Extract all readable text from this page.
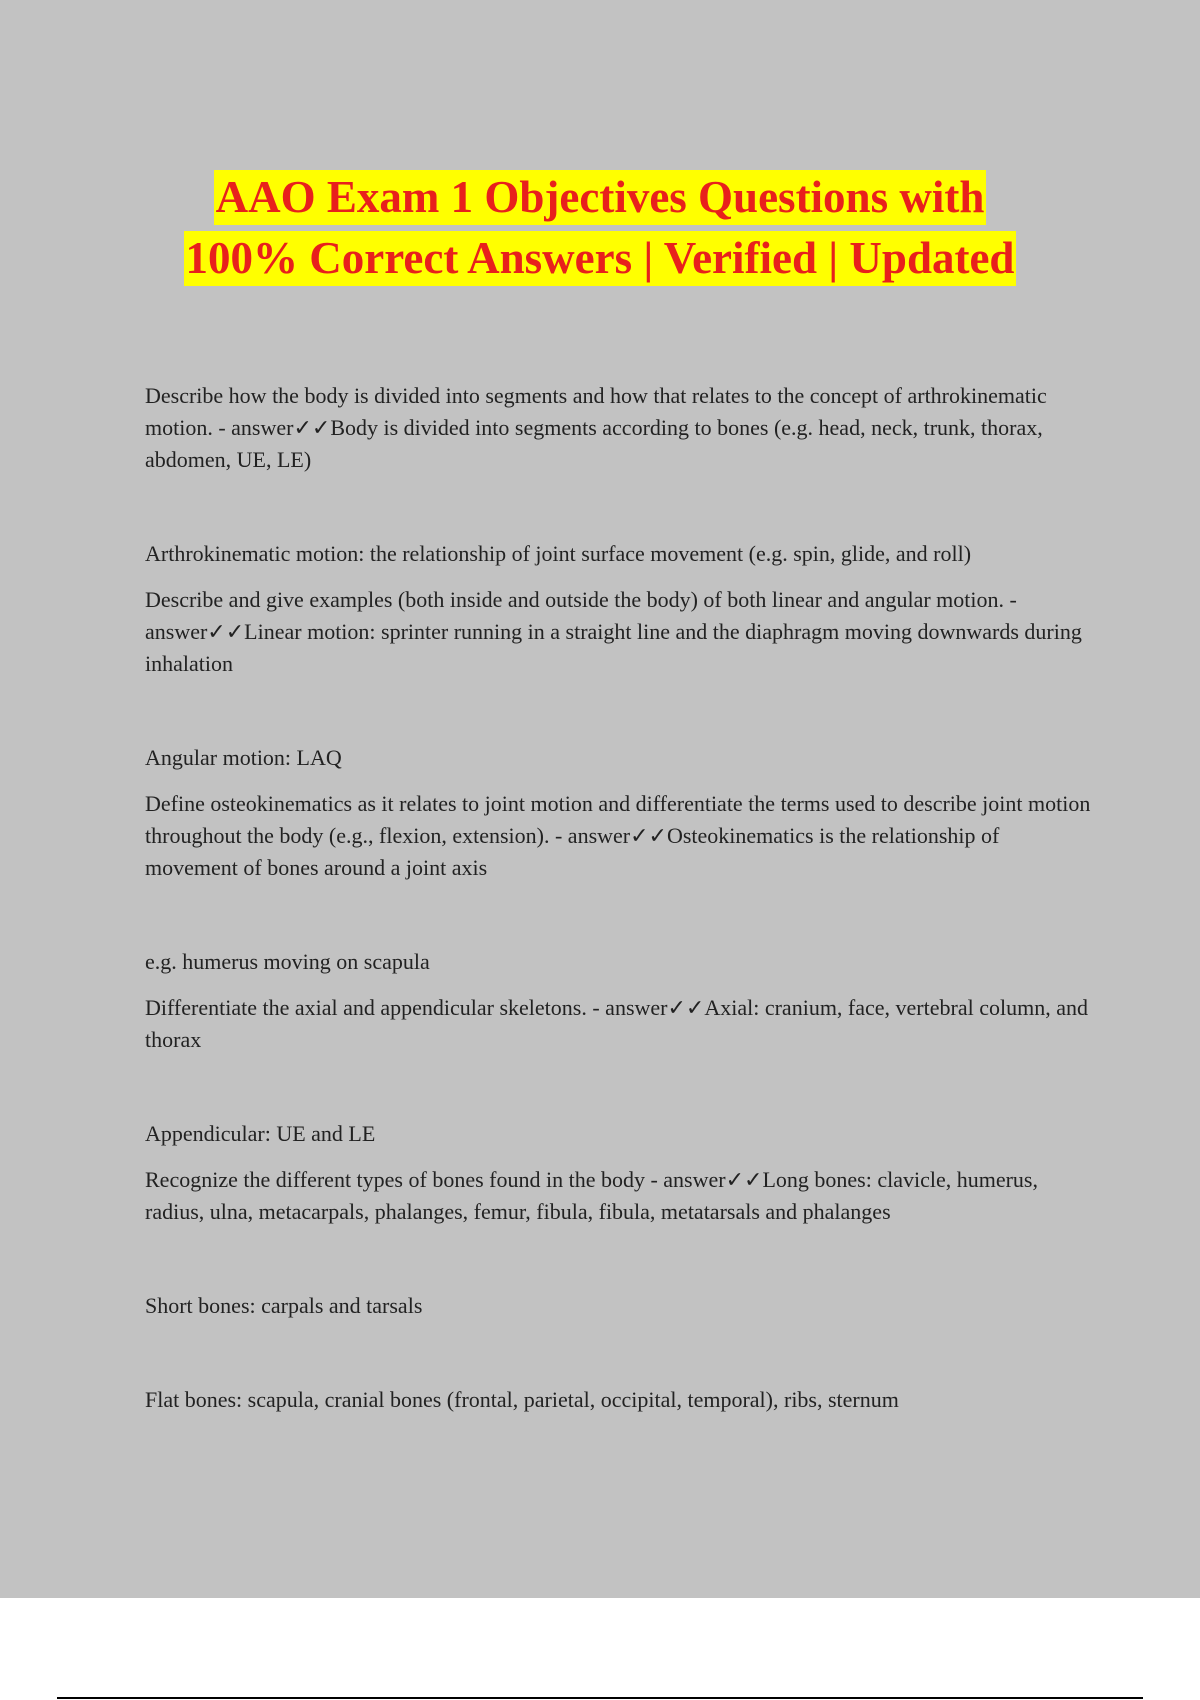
AAO Exam 1 Objectives Questions with
100% Correct Answers | Verified | Updated

Describe how the body is divided into segments and how that relates to the concept of arthrokinematic motion. - answer✓✓Body is divided into segments according to bones (e.g. head, neck, trunk, thorax, abdomen, UE, LE)

Arthrokinematic motion: the relationship of joint surface movement (e.g. spin, glide, and roll)

Describe and give examples (both inside and outside the body) of both linear and angular motion. - answer✓✓Linear motion: sprinter running in a straight line and the diaphragm moving downwards during inhalation

Angular motion: LAQ

Define osteokinematics as it relates to joint motion and differentiate the terms used to describe joint motion throughout the body (e.g., flexion, extension). - answer✓✓Osteokinematics is the relationship of movement of bones around a joint axis

e.g. humerus moving on scapula

Differentiate the axial and appendicular skeletons. - answer✓✓Axial: cranium, face, vertebral column, and thorax

Appendicular: UE and LE

Recognize the different types of bones found in the body - answer✓✓Long bones: clavicle, humerus, radius, ulna, metacarpals, phalanges, femur, fibula, fibula, metatarsals and phalanges

Short bones: carpals and tarsals

Flat bones: scapula, cranial bones (frontal, parietal, occipital, temporal), ribs, sternum
